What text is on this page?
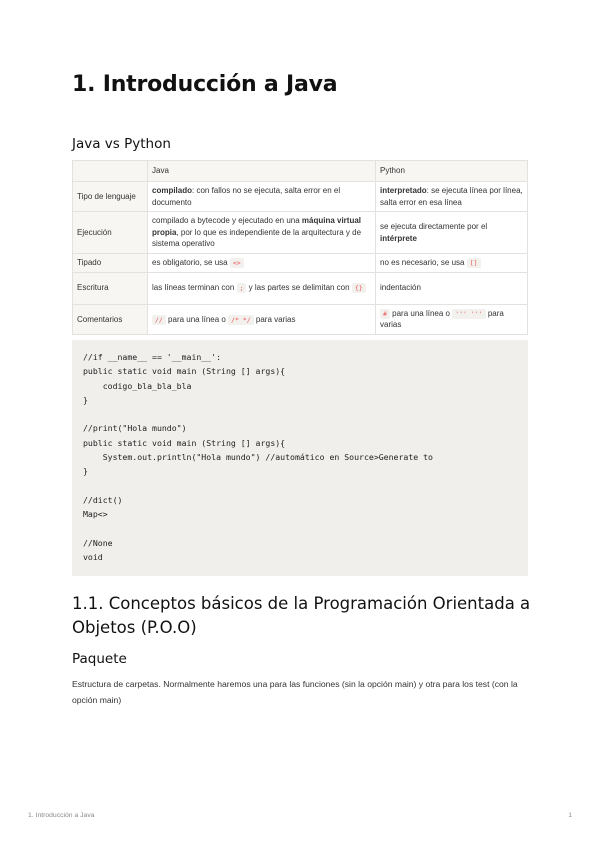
1. Introducción a Java
Java vs Python
	Java	Python
Tipo de lenguaje	compilado: con fallos no se ejecuta, salta error en el documento	interpretado: se ejecuta línea por línea, salta error en esa línea
Ejecución	compilado a bytecode y ejecutado en una máquina virtual propia, por lo que es independiente de la arquitectura y de sistema operativo	se ejecuta directamente por el intérprete
Tipado	es obligatorio, se usa <>	no es necesario, se usa []
Escritura	las líneas terminan con ; y las partes se delimitan con {}	indentación
Comentarios	// para una línea o /* */ para varias	# para una línea o ''' ''' para varias
//if __name__ == '__main__':
public static void main (String [] args){
codigo_bla_bla_bla
}

//print("Hola mundo")
public static void main (String [] args){
System.out.println("Hola mundo") //automático en Source>Generate to
}

//dict()
Map<>

//None
void
1.1. Conceptos básicos de la Programación Orientada a Objetos (P.O.O)
Paquete

Estructura de carpetas. Normalmente haremos una para las funciones (sin la opción main) y otra para los test (con la opción main)

1. Introducción a Java	1
